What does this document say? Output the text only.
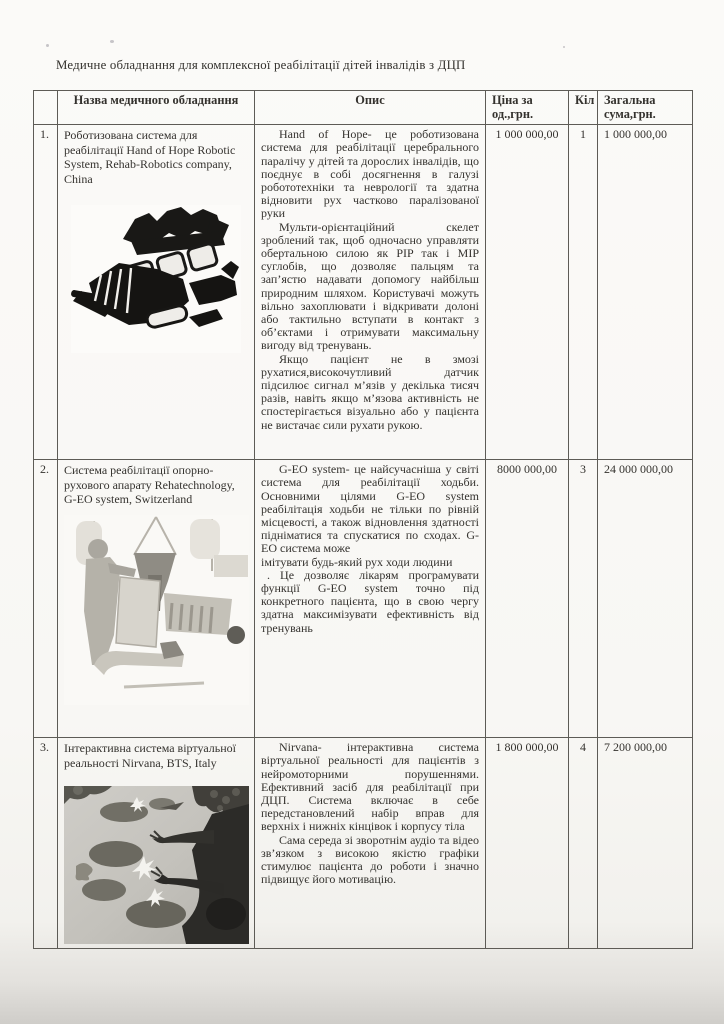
Медичне обладнання для комплексної реабілітації дітей інвалідів з ДЦП
	Назва медичного обладнання	Опис	Ціна за од.,грн.	Кіл	Загальна сума,грн.
1.	Роботизована система для реабілітації Hand of Hope Robotic System, Rehab-Robotics company, China	Hand of Hope- це роботизована система для реабілітації церебрального паралічу у дітей та дорослих інвалідів, що поєднує в собі досягнення в галузі робототехніки та неврології та здатна відновити рух частково паралізованої руки

Мульти-орієнтаційний скелет зроблений так, щоб одночасно управляти обертальною силою як PIP так і MIP суглобів, що дозволяє пальцям та зап’ястю надавати допомогу найбільш природним шляхом. Користувачі можуть вільно захоплювати і відкривати долоні або тактильно вступати в контакт з об’єктами і отримувати максимальну вигоду від тренувань.

Якщо пацієнт не в змозі рухатися,високочутливий датчик підсилює сигнал м’язів у декілька тисяч разів, навіть якщо м’язова активність не спостерігається візуально або у пацієнта не вистачає сили рухати рукою.	1 000 000,00	1	1 000 000,00
2.	Система реабілітації опорно-рухового апарату Rehatechnology, G-EO system, Switzerland	G-EO system- це найсучасніша у світі система для реабілітації ходьби. Основними цілями G-EO system реабілітація ходьби не тільки по рівній місцевості, а також відновлення здатності підніматися та спускатися по сходах. G-EO система може

імітувати будь-який рух ходи людини

. Це дозволяє лікарям програмувати функції G-EO system точно під конкретного пацієнта, що в свою чергу здатна максимізувати ефективність від тренувань	8000 000,00	3	24 000 000,00
3.	Інтерактивна система віртуальної реальності Nirvana, BTS, Italy	Nirvana- інтерактивна система віртуальної реальності для пацієнтів з нейромоторними порушеннями. Ефективний засіб для реабілітації при ДЦП. Система включає в себе передстановлений набір вправ для верхніх і нижніх кінцівок і корпусу тіла

Сама середа зі зворотнім аудіо та відео зв’язком з високою якістю графіки стимулює пацієнта до роботи і значно підвищує його мотивацію.	1 800 000,00	4	7 200 000,00
